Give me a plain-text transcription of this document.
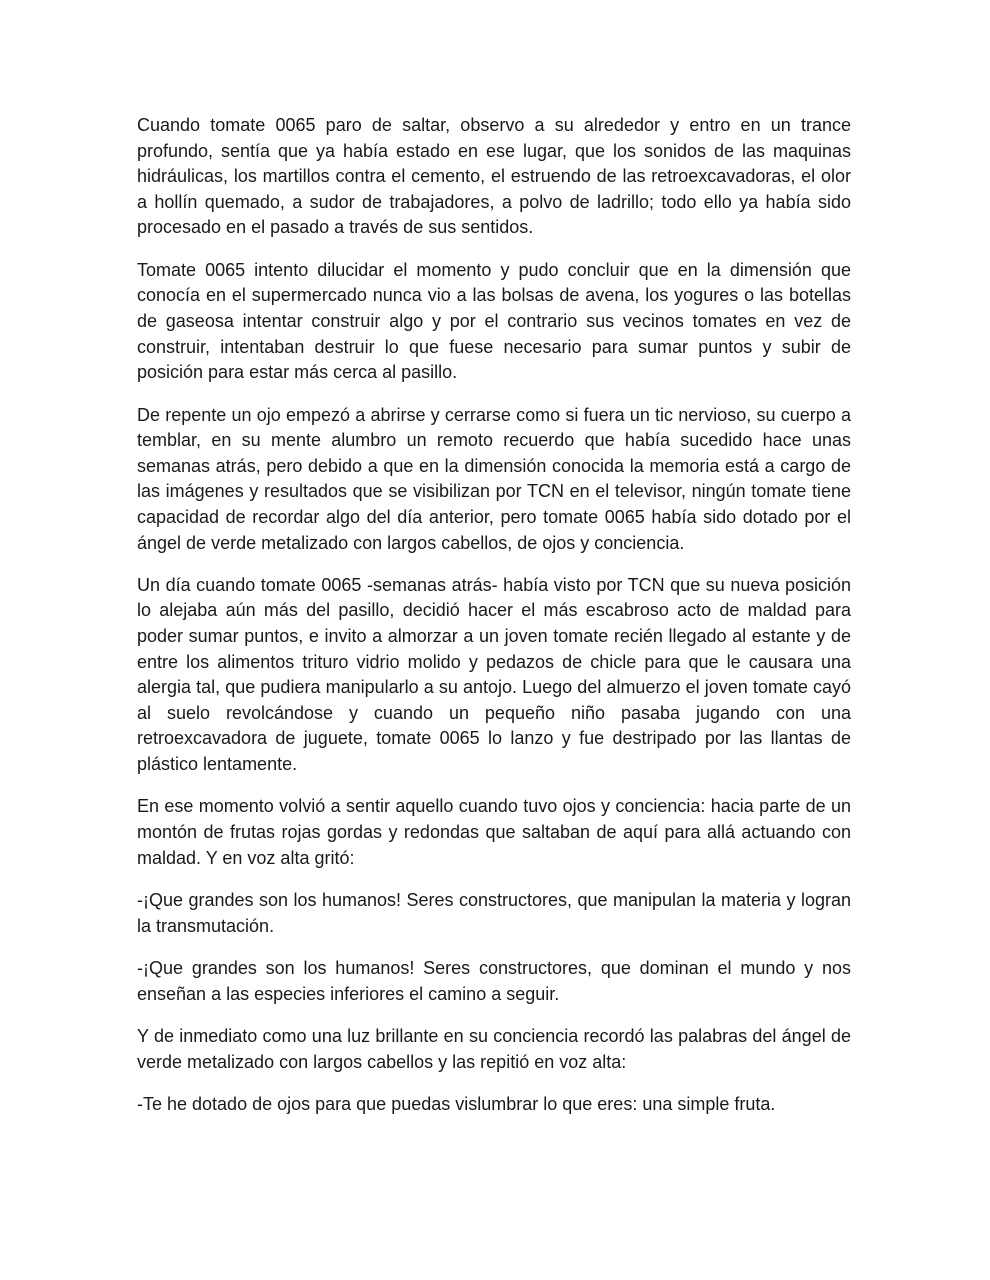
Cuando tomate 0065 paro de saltar, observo a su alrededor y entro en un trance profundo, sentía que ya había estado en ese lugar, que los sonidos de las maquinas hidráulicas, los martillos contra el cemento, el estruendo de las retroexcavadoras, el olor a hollín quemado, a sudor de trabajadores, a polvo de ladrillo; todo ello ya había sido procesado en el pasado a través de sus sentidos.

Tomate 0065 intento dilucidar el momento y pudo concluir que en la dimensión que conocía en el supermercado nunca vio a las bolsas de avena, los yogures o las botellas de gaseosa intentar construir algo y por el contrario sus vecinos tomates en vez de construir, intentaban destruir lo que fuese necesario para sumar puntos y subir de posición para estar más cerca al pasillo.

De repente un ojo empezó a abrirse y cerrarse como si fuera un tic nervioso, su cuerpo a temblar, en su mente alumbro un remoto recuerdo que había sucedido hace unas semanas atrás, pero debido a que en la dimensión conocida la memoria está a cargo de las imágenes y resultados que se visibilizan por TCN en el televisor, ningún tomate tiene capacidad de recordar algo del día anterior, pero tomate 0065 había sido dotado por el ángel de verde metalizado con largos cabellos, de ojos y conciencia.

Un día cuando tomate 0065 -semanas atrás- había visto por TCN que su nueva posición lo alejaba aún más del pasillo, decidió hacer el más escabroso acto de maldad para poder sumar puntos, e invito a almorzar a un joven tomate recién llegado al estante y de entre los alimentos trituro vidrio molido y pedazos de chicle para que le causara una alergia tal, que pudiera manipularlo a su antojo. Luego del almuerzo el joven tomate cayó al suelo revolcándose y cuando un pequeño niño pasaba jugando con una retroexcavadora de juguete, tomate 0065 lo lanzo y fue destripado por las llantas de plástico lentamente.

En ese momento volvió a sentir aquello cuando tuvo ojos y conciencia: hacia parte de un montón de frutas rojas gordas y redondas que saltaban de aquí para allá actuando con maldad. Y en voz alta gritó:

-¡Que grandes son los humanos! Seres constructores, que manipulan la materia y logran la transmutación.

-¡Que grandes son los humanos! Seres constructores, que dominan el mundo y nos enseñan a las especies inferiores el camino a seguir.

Y de inmediato como una luz brillante en su conciencia recordó las palabras del ángel de verde metalizado con largos cabellos y las repitió en voz alta:

-Te he dotado de ojos para que puedas vislumbrar lo que eres: una simple fruta.
